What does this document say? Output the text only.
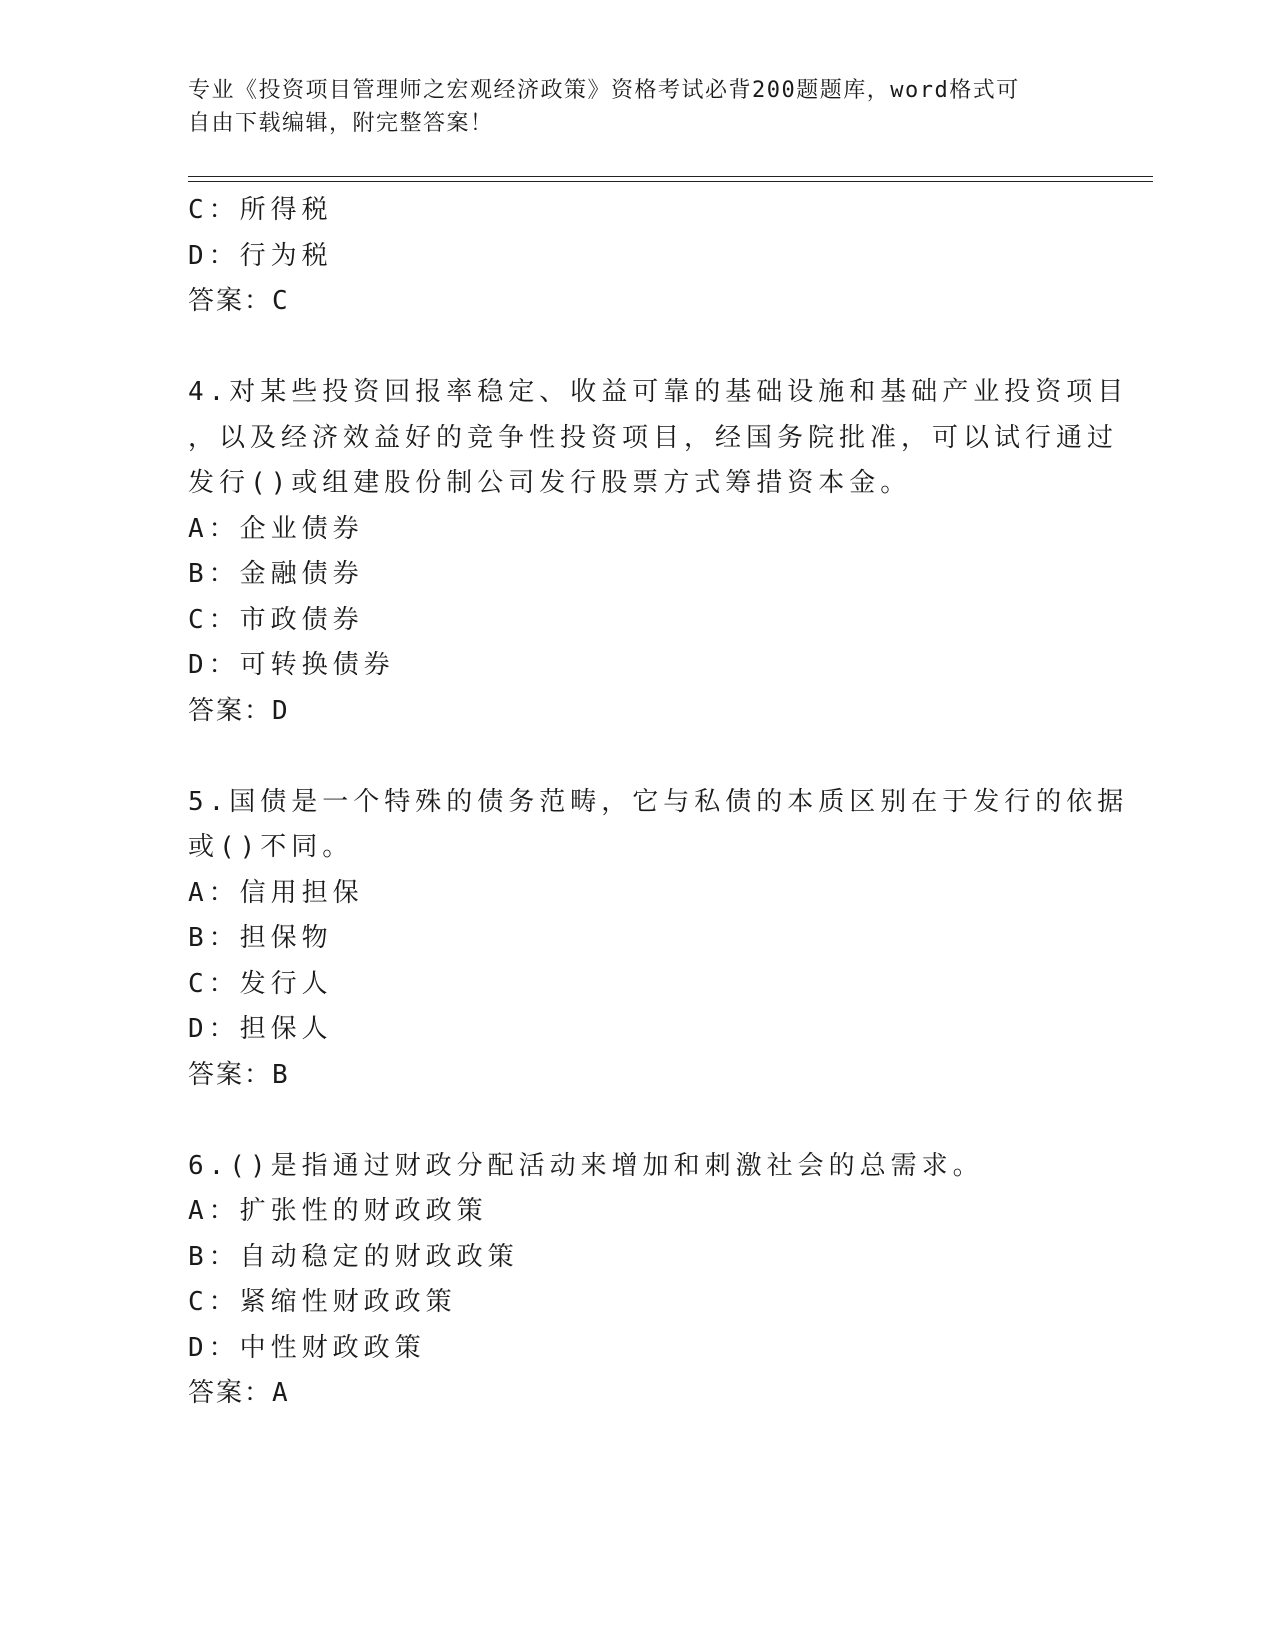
专业《投资项目管理师之宏观经济政策》资格考试必背200题题库，word格式可
自由下载编辑，附完整答案！
C：所得税
D：行为税
答案：C
4.对某些投资回报率稳定、收益可靠的基础设施和基础产业投资项目
，以及经济效益好的竞争性投资项目，经国务院批准，可以试行通过
发行()或组建股份制公司发行股票方式筹措资本金。
A：企业债券
B：金融债券
C：市政债券
D：可转换债券
答案：D
5.国债是一个特殊的债务范畴，它与私债的本质区别在于发行的依据
或()不同。
A：信用担保
B：担保物
C：发行人
D：担保人
答案：B
6.()是指通过财政分配活动来增加和刺激社会的总需求。
A：扩张性的财政政策
B：自动稳定的财政政策
C：紧缩性财政政策
D：中性财政政策
答案：A
